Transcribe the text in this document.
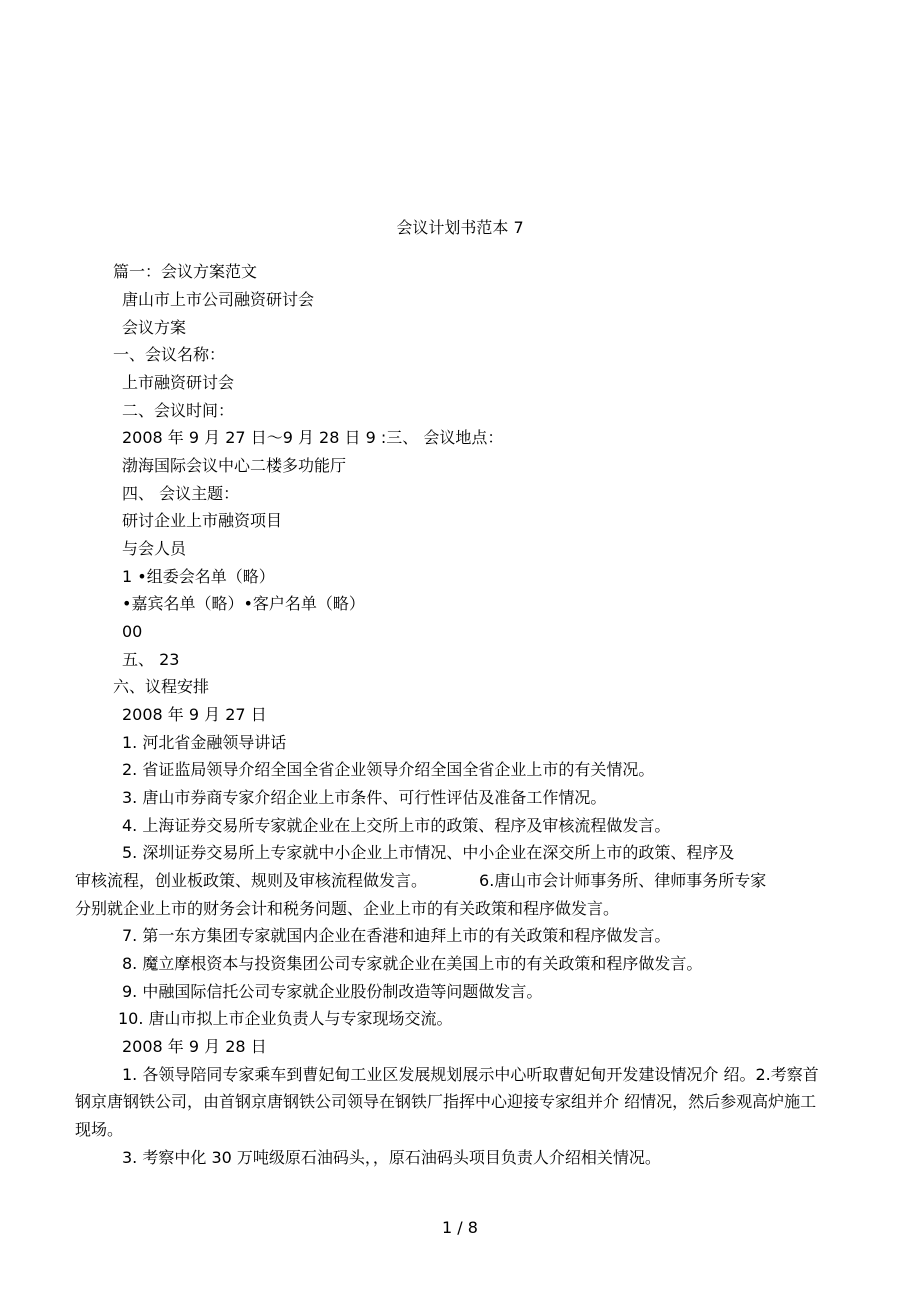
会议计划书范本 7
篇一：会议方案范文
唐山市上市公司融资研讨会
会议方案
一、会议名称：
上市融资研讨会
二、会议时间：
2008 年 9 月 27 日〜9 月 28 日 9 :三、 会议地点：
渤海国际会议中心二楼多功能厅
四、 会议主题：
研讨企业上市融资项目
与会人员
1 •组委会名单（略）
•嘉宾名单（略）•客户名单（略）
00
五、 23
六、议程安排
2008 年 9 月 27 日
1. 河北省金融领导讲话
2. 省证监局领导介绍全国全省企业领导介绍全国全省企业上市的有关情况。
3. 唐山市券商专家介绍企业上市条件、可行性评估及准备工作情况。
4. 上海证券交易所专家就企业在上交所上市的政策、程序及审核流程做发言。
5. 深圳证券交易所上专家就中小企业上市情况、中小企业在深交所上市的政策、程序及
审核流程，创业板政策、规则及审核流程做发言。	6.唐山市会计师事务所、律师事务所专家
分别就企业上市的财务会计和税务问题、企业上市的有关政策和程序做发言。
7. 第一东方集团专家就国内企业在香港和迪拜上市的有关政策和程序做发言。
8. 魔立摩根资本与投资集团公司专家就企业在美国上市的有关政策和程序做发言。
9. 中融国际信托公司专家就企业股份制改造等问题做发言。
10. 唐山市拟上市企业负责人与专家现场交流。
2008 年 9 月 28 日
1. 各领导陪同专家乘车到曹妃甸工业区发展规划展示中心听取曹妃甸开发建设情况介 绍。2.考察首
钢京唐钢铁公司，由首钢京唐钢铁公司领导在钢铁厂指挥中心迎接专家组并介 绍情况，然后参观高炉施工
现场。
3. 考察中化 30 万吨级原石油码头，，原石油码头项目负责人介绍相关情况。
1 / 8
